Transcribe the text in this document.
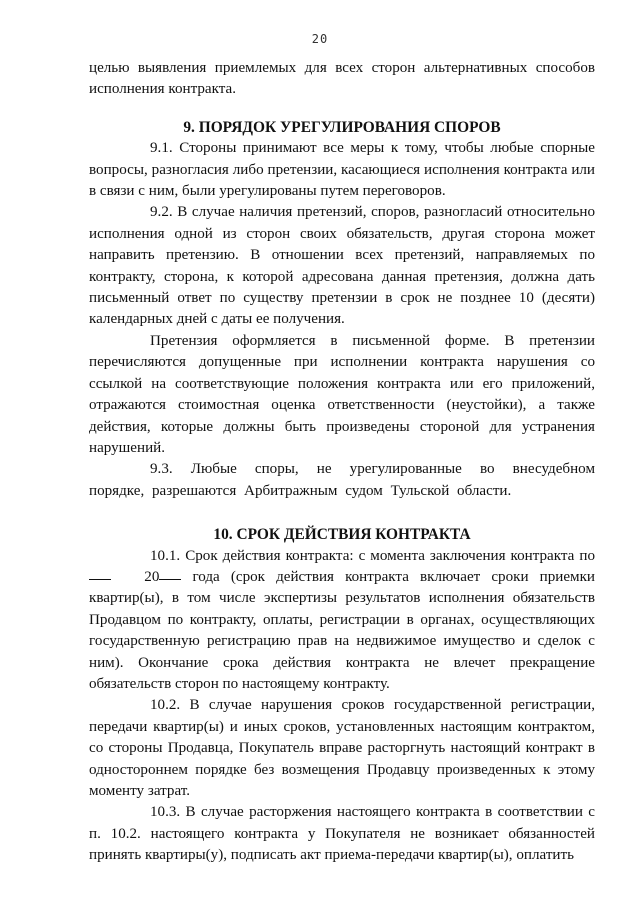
20

целью выявления приемлемых для всех сторон альтернативных способов исполнения контракта.

9. ПОРЯДОК УРЕГУЛИРОВАНИЯ СПОРОВ

9.1. Стороны принимают все меры к тому, чтобы любые спорные вопросы, разногласия либо претензии, касающиеся исполнения контракта или в связи с ним, были урегулированы путем переговоров.

9.2. В случае наличия претензий, споров, разногласий относительно исполнения одной из сторон своих обязательств, другая сторона может направить претензию. В отношении всех претензий, направляемых по контракту, сторона, к которой адресована данная претензия, должна дать письменный ответ по существу претензии в срок не позднее 10 (десяти) календарных дней с даты ее получения.

Претензия оформляется в письменной форме. В претензии перечисляются допущенные при исполнении контракта нарушения со ссылкой на соответствующие положения контракта или его приложений, отражаются стоимостная оценка ответственности (неустойки), а также действия, которые должны быть произведены стороной для устранения нарушений.

9.3. Любые споры, не урегулированные во внесудебном порядке, разрешаются Арбитражным судом Тульской области.

10. СРОК ДЕЙСТВИЯ КОНТРАКТА

10.1. Срок действия контракта: с момента заключения контракта по    20 года (срок действия контракта включает сроки приемки квартир(ы), в том числе экспертизы результатов исполнения обязательств Продавцом по контракту, оплаты, регистрации в органах, осуществляющих государственную регистрацию прав на недвижимое имущество и сделок с ним). Окончание срока действия контракта не влечет прекращение обязательств сторон по настоящему контракту.

10.2. В случае нарушения сроков государственной регистрации, передачи квартир(ы) и иных сроков, установленных настоящим контрактом, со стороны Продавца, Покупатель вправе расторгнуть настоящий контракт в одностороннем порядке без возмещения Продавцу произведенных к этому моменту затрат.

10.3. В случае расторжения настоящего контракта в соответствии с п. 10.2. настоящего контракта у Покупателя не возникает обязанностей принять квартиры(у), подписать акт приема-передачи квартир(ы), оплатить
